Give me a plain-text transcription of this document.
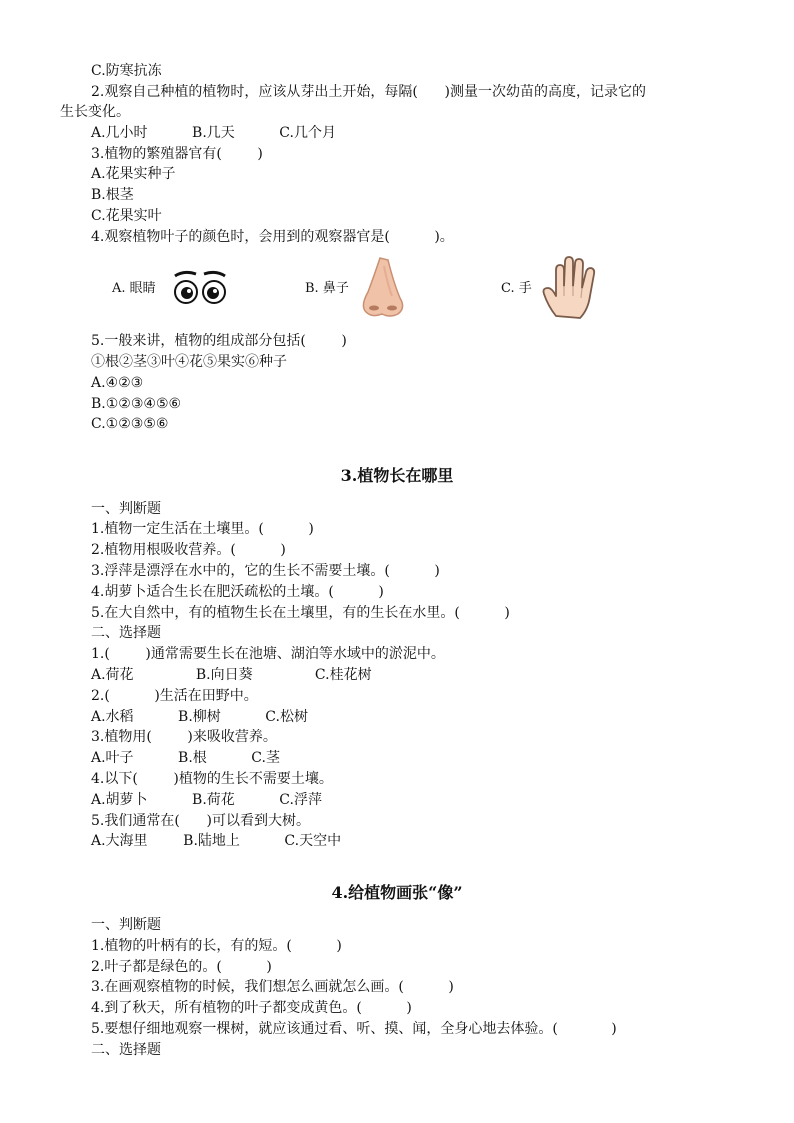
C.防寒抗冻
2.观察自己种植的植物时，应该从芽出土开始，每隔(      )测量一次幼苗的高度，记录它的
生长变化。
A.几小时          B.几天          C.几个月
3.植物的繁殖器官有(        )
A.花果实种子
B.根茎
C.花果实叶
4.观察植物叶子的颜色时，会用到的观察器官是(          )。
A. 眼睛	B. 鼻子	C. 手
5.一般来讲，植物的组成部分包括(        )
①根②茎③叶④花⑤果实⑥种子
A.④②③
B.①②③④⑤⑥
C.①②③⑤⑥
3.植物长在哪里
一、判断题
1.植物一定生活在土壤里。(          )
2.植物用根吸收营养。(          )
3.浮萍是漂浮在水中的，它的生长不需要土壤。(          )
4.胡萝卜适合生长在肥沃疏松的土壤。(          )
5.在大自然中，有的植物生长在土壤里，有的生长在水里。(          )
二、选择题
1.(        )通常需要生长在池塘、湖泊等水域中的淤泥中。
A.荷花              B.向日葵              C.桂花树
2.(          )生活在田野中。
A.水稻          B.柳树          C.松树
3.植物用(        )来吸收营养。
A.叶子          B.根          C.茎
4.以下(        )植物的生长不需要土壤。
A.胡萝卜          B.荷花          C.浮萍
5.我们通常在(      )可以看到大树。
A.大海里        B.陆地上          C.天空中
4.给植物画张“像”
一、判断题
1.植物的叶柄有的长，有的短。(          )
2.叶子都是绿色的。(          )
3.在画观察植物的时候，我们想怎么画就怎么画。(          )
4.到了秋天，所有植物的叶子都变成黄色。(          )
5.要想仔细地观察一棵树，就应该通过看、听、摸、闻，全身心地去体验。(            )
二、选择题
